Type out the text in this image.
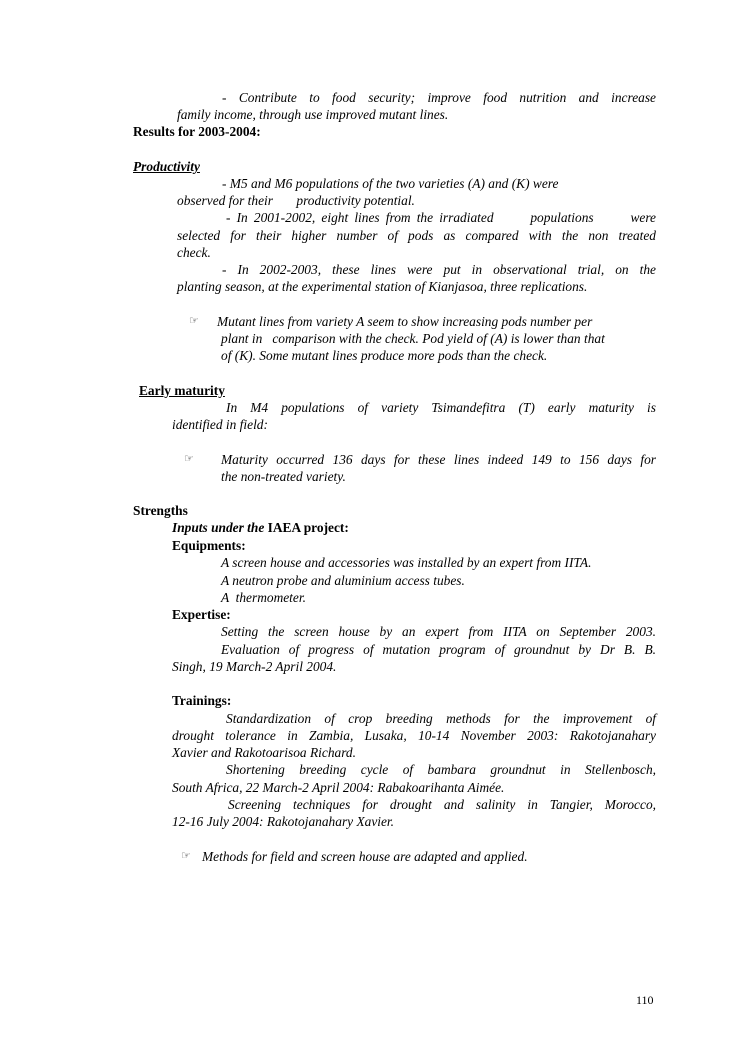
- Contribute to food security; improve food nutrition and increase
family income, through use improved mutant lines.
Results for 2003-2004:
Productivity
- M5 and M6 populations of the two varieties (A) and (K) were
observed for their       productivity potential.
- In 2001-2002, eight lines from the irradiated      populations      were
selected for their higher number of pods as compared with the non treated
check.
- In 2002-2003, these lines were put in observational trial, on the
planting season, at the experimental station of Kianjasoa, three replications.
☞ Mutant lines from variety A seem to show increasing pods number per
plant in   comparison with the check. Pod yield of (A) is lower than that
of (K). Some mutant lines produce more pods than the check.
Early maturity
In M4 populations of variety Tsimandefitra (T) early maturity is
identified in field:
☞ Maturity occurred 136 days for these lines indeed 149 to 156 days for
the non-treated variety.
Strengths
Inputs under the IAEA project:
Equipments:
A screen house and accessories was installed by an expert from IITA.
A neutron probe and aluminium access tubes.
A  thermometer.
Expertise:
Setting the screen house by an expert from IITA on September 2003.
Evaluation of progress of mutation program of groundnut by Dr B. B.
Singh, 19 March-2 April 2004.
Trainings:
Standardization of crop breeding methods for the improvement of
drought tolerance in Zambia, Lusaka, 10-14 November 2003: Rakotojanahary
Xavier and Rakotoarisoa Richard.
Shortening breeding cycle of bambara groundnut in Stellenbosch,
South Africa, 22 March-2 April 2004: Rabakoarihanta Aimée.
Screening techniques for drought and salinity in Tangier, Morocco,
12-16 July 2004: Rakotojanahary Xavier.
☞ Methods for field and screen house are adapted and applied.
110
